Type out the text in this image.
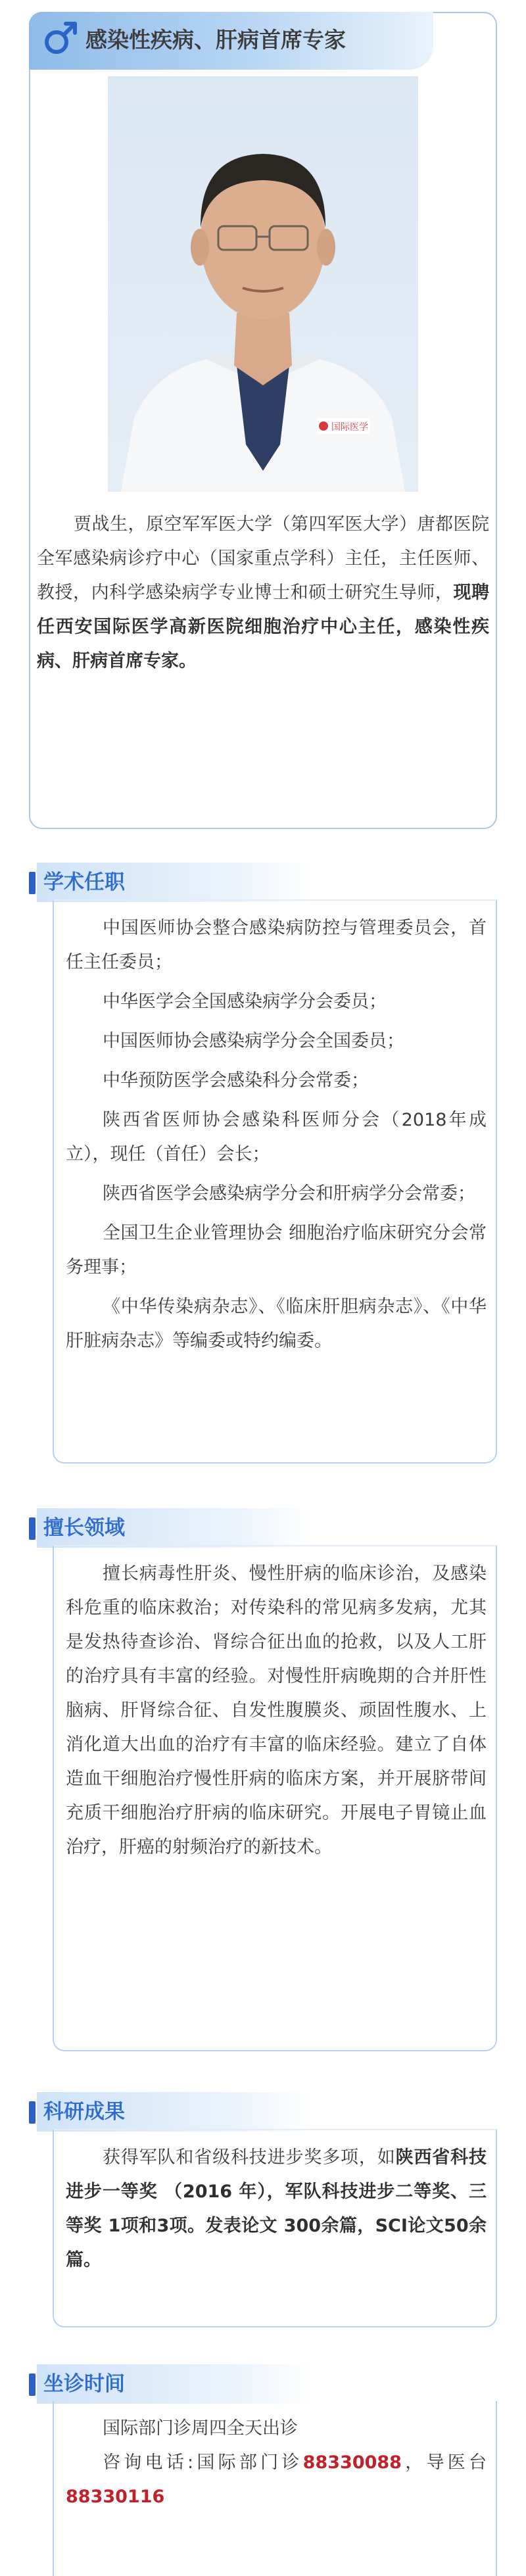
感染性疾病、肝病首席专家
国际医学

贾战生，原空军军医大学（第四军医大学）唐都医院全军感染病诊疗中心（国家重点学科）主任，主任医师、教授，内科学感染病学专业博士和硕士研究生导师，现聘任西安国际医学高新医院细胞治疗中心主任，感染性疾病、肝病首席专家。

学术任职

中国医师协会整合感染病防控与管理委员会，首任主任委员；

中华医学会全国感染病学分会委员；

中国医师协会感染病学分会全国委员；

中华预防医学会感染科分会常委；

陕西省医师协会感染科医师分会（2018年成立），现任（首任）会长；

陕西省医学会感染病学分会和肝病学分会常委；

全国卫生企业管理协会 细胞治疗临床研究分会常务理事；

《中华传染病杂志》、《临床肝胆病杂志》、《中华肝脏病杂志》等编委或特约编委。

擅长领域

擅长病毒性肝炎、慢性肝病的临床诊治，及感染科危重的临床救治；对传染科的常见病多发病，尤其是发热待查诊治、肾综合征出血的抢救，以及人工肝的治疗具有丰富的经验。对慢性肝病晚期的合并肝性脑病、肝肾综合征、自发性腹膜炎、顽固性腹水、上消化道大出血的治疗有丰富的临床经验。建立了自体造血干细胞治疗慢性肝病的临床方案，并开展脐带间充质干细胞治疗肝病的临床研究。开展电子胃镜止血治疗，肝癌的射频治疗的新技术。

科研成果

获得军队和省级科技进步奖多项，如陕西省科技进步一等奖 （2016 年），军队科技进步二等奖、三等奖 1项和3项。发表论文 300余篇，SCI论文50余篇。

坐诊时间

国际部门诊周四全天出诊

咨询电话:国际部门诊88330088，导医台88330116
